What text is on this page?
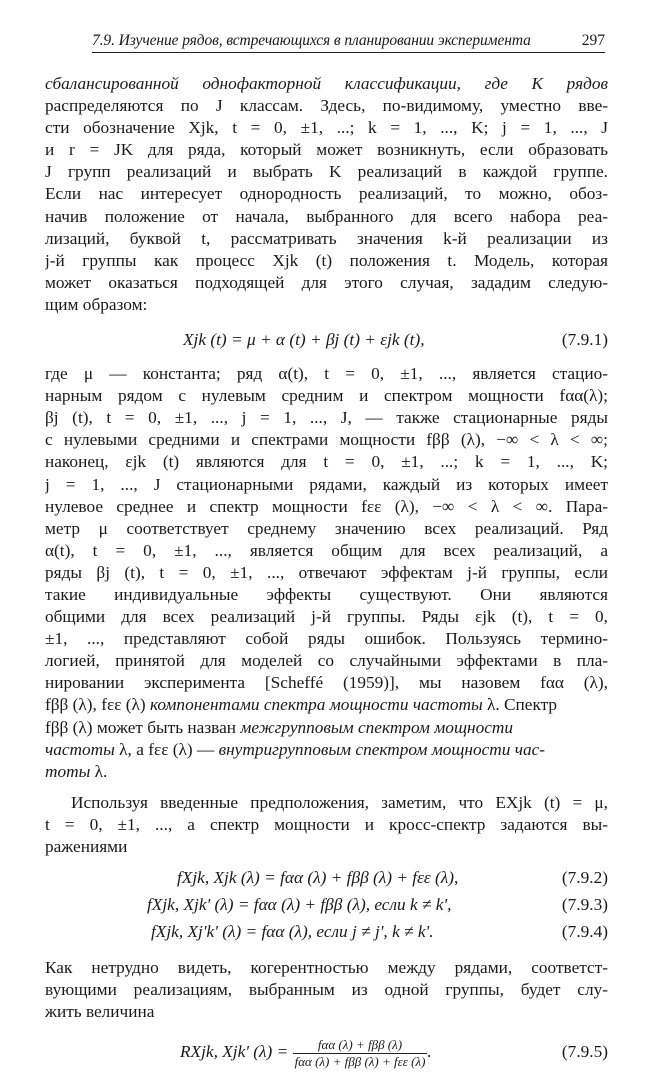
7.9. Изучение рядов, встречающихся в планировании эксперимента	297
сбалансированной однофакторной классификации, где K рядов
распределяются по J классам. Здесь, по-видимому, уместно вве-
сти обозначение Xjk, t = 0, ±1, ...; k = 1, ..., K; j = 1, ..., J
и r = JK для ряда, который может возникнуть, если образовать
J групп реализаций и выбрать K реализаций в каждой группе.
Если нас интересует однородность реализаций, то можно, обоз-
начив положение от начала, выбранного для всего набора реа-
лизаций, буквой t, рассматривать значения k-й реализации из
j-й группы как процесс Xjk (t) положения t. Модель, которая
может оказаться подходящей для этого случая, зададим следую-
щим образом:
Xjk (t) = μ + α (t) + βj (t) + εjk (t),	(7.9.1)
где μ — константа; ряд α(t), t = 0, ±1, ..., является стацио-
нарным рядом с нулевым средним и спектром мощности fαα(λ);
βj (t), t = 0, ±1, ..., j = 1, ..., J, — также стационарные ряды
с нулевыми средними и спектрами мощности fββ (λ), −∞ < λ < ∞;
наконец, εjk (t) являются для t = 0, ±1, ...; k = 1, ..., K;
j = 1, ..., J стационарными рядами, каждый из которых имеет
нулевое среднее и спектр мощности fεε (λ), −∞ < λ < ∞. Пара-
метр μ соответствует среднему значению всех реализаций. Ряд
α(t), t = 0, ±1, ..., является общим для всех реализаций, а
ряды βj (t), t = 0, ±1, ..., отвечают эффектам j-й группы, если
такие индивидуальные эффекты существуют. Они являются
общими для всех реализаций j-й группы. Ряды εjk (t), t = 0,
±1, ..., представляют собой ряды ошибок. Пользуясь термино-
логией, принятой для моделей со случайными эффектами в пла-
нировании эксперимента [Scheffé (1959)], мы назовем fαα (λ),
fββ (λ), fεε (λ) компонентами спектра мощности частоты λ. Спектр
fββ (λ) может быть назван межгрупповым спектром мощности
частоты λ, а fεε (λ) — внутригрупповым спектром мощности час-
тоты λ.
Используя введенные предположения, заметим, что EXjk (t) = μ,
t = 0, ±1, ..., а спектр мощности и кросс-спектр задаются вы-
ражениями
fXjk, Xjk (λ) = fαα (λ) + fββ (λ) + fεε (λ),	(7.9.2)
fXjk, Xjk' (λ) = fαα (λ) + fββ (λ), если k ≠ k',	(7.9.3)
fXjk, Xj'k' (λ) = fαα (λ), если j ≠ j', k ≠ k'.	(7.9.4)
Как нетрудно видеть, когерентностью между рядами, соответст-
вующими реализациям, выбранным из одной группы, будет слу-
жить величина
RXjk, Xjk' $(\lambda) = \frac{\text{fαα (λ) + fββ (λ)}}{\text{fαα (λ) + fββ (λ) + fεε (λ)}}$ .	(7.9.5)
